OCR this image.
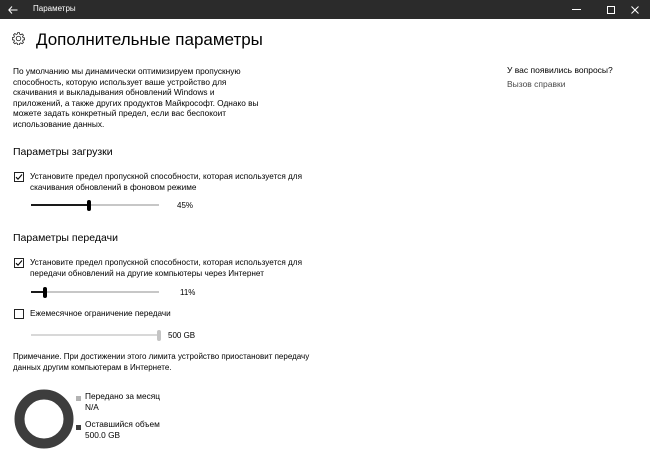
Параметры
Дополнительные параметры
По умолчанию мы динамически оптимизируем пропускную способность, которую использует ваше устройство для скачивания и выкладывания обновлений Windows и приложений, а также других продуктов Майкрософт. Однако вы можете задать конкретный предел, если вас беспокоит использование данных.
У вас появились вопросы?
Вызов справки
Параметры загрузки
Установите предел пропускной способности, которая используется для
скачивания обновлений в фоновом режиме
45%
Параметры передачи
Установите предел пропускной способности, которая используется для
передачи обновлений на другие компьютеры через Интернет
11%
Ежемесячное ограничение передачи
500 GB
Примечание. При достижении этого лимита устройство приостановит передачу данных другим компьютерам в Интернете.
Передано за месяц
N/A
Оставшийся объем
500.0 GB
